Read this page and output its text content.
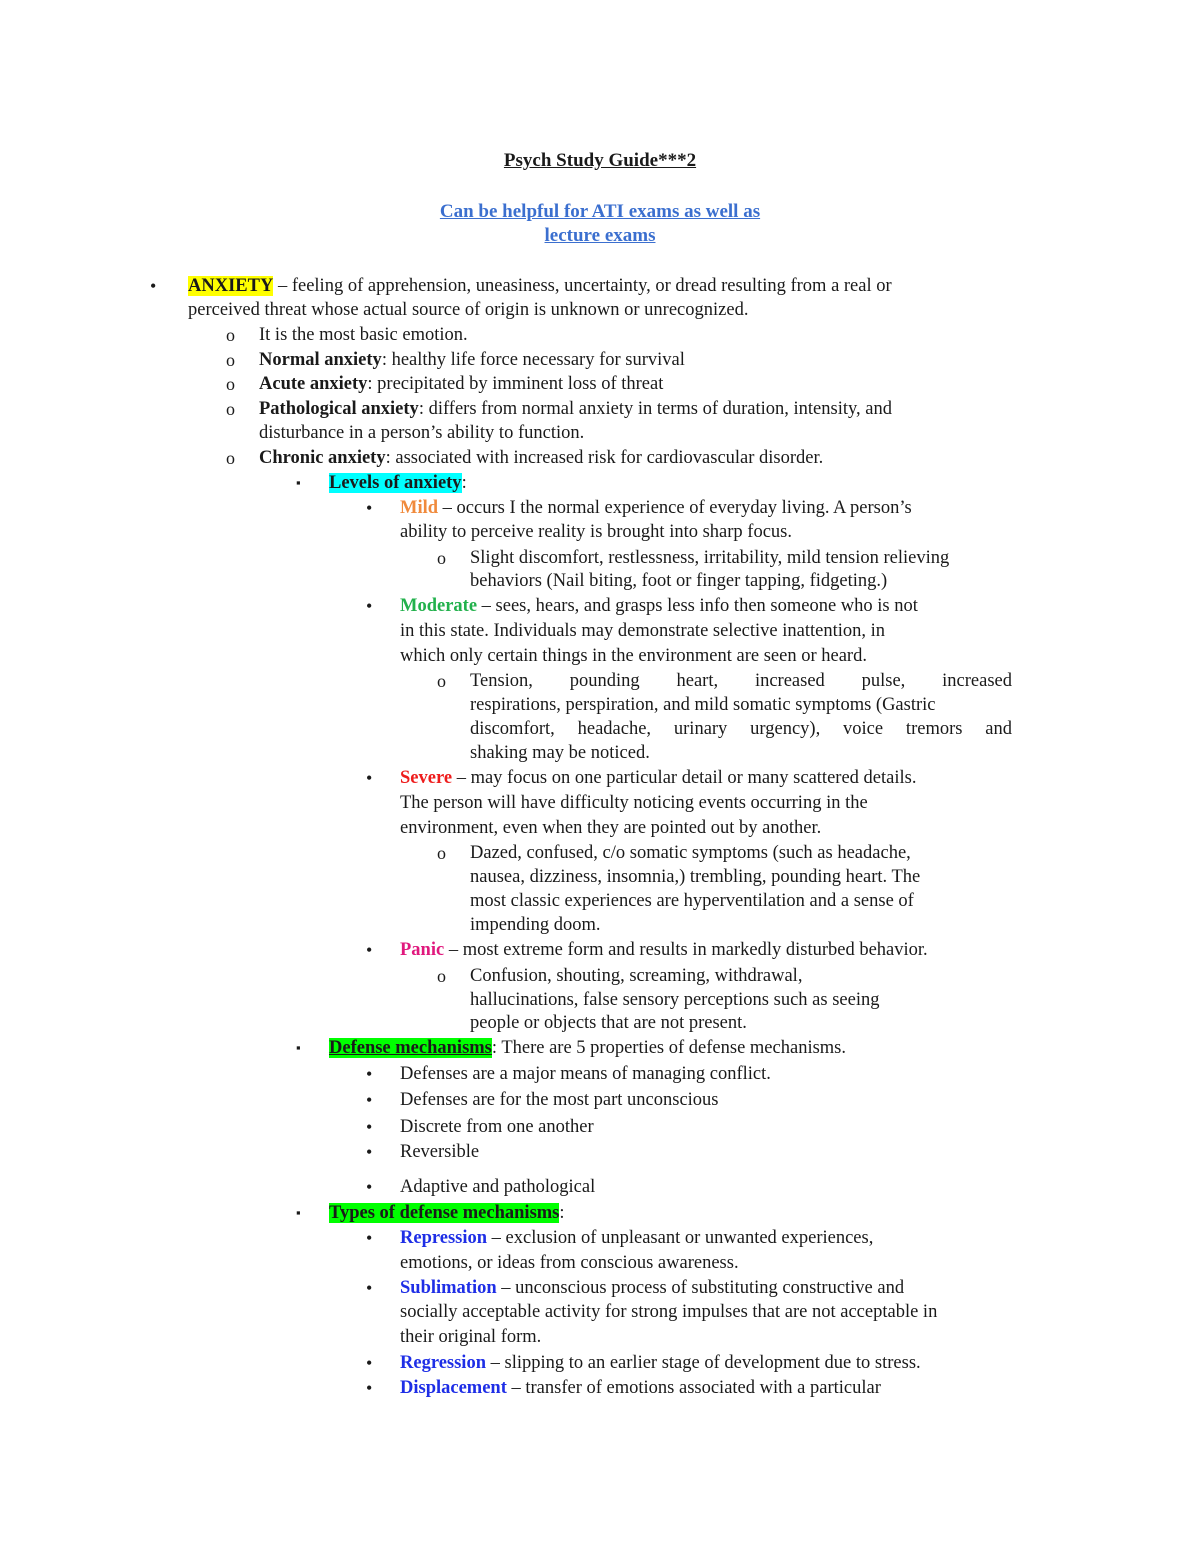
Psych Study Guide***2
Can be helpful for ATI exams as well as
lecture exams
• ANXIETY – feeling of apprehension, uneasiness, uncertainty, or dread resulting from a real or
perceived threat whose actual source of origin is unknown or unrecognized.
o It is the most basic emotion.
o Normal anxiety: healthy life force necessary for survival
o Acute anxiety: precipitated by imminent loss of threat
o Pathological anxiety: differs from normal anxiety in terms of duration, intensity, and
disturbance in a person’s ability to function.
o Chronic anxiety: associated with increased risk for cardiovascular disorder.
▪ Levels of anxiety:
• Mild – occurs I the normal experience of everyday living. A person’s
ability to perceive reality is brought into sharp focus.
o Slight discomfort, restlessness, irritability, mild tension relieving
behaviors (Nail biting, foot or finger tapping, fidgeting.)
• Moderate – sees, hears, and grasps less info then someone who is not
in this state. Individuals may demonstrate selective inattention, in
which only certain things in the environment are seen or heard.
o Tension, pounding heart, increased pulse, increased
respirations, perspiration, and mild somatic symptoms (Gastric
discomfort, headache, urinary urgency), voice tremors and
shaking may be noticed.
• Severe – may focus on one particular detail or many scattered details.
The person will have difficulty noticing events occurring in the
environment, even when they are pointed out by another.
o Dazed, confused, c/o somatic symptoms (such as headache,
nausea, dizziness, insomnia,) trembling, pounding heart. The
most classic experiences are hyperventilation and a sense of
impending doom.
• Panic – most extreme form and results in markedly disturbed behavior.
o Confusion, shouting, screaming, withdrawal,
hallucinations, false sensory perceptions such as seeing
people or objects that are not present.
▪ Defense mechanisms: There are 5 properties of defense mechanisms.
• Defenses are a major means of managing conflict.
• Defenses are for the most part unconscious
• Discrete from one another
• Reversible
• Adaptive and pathological
▪ Types of defense mechanisms:
• Repression – exclusion of unpleasant or unwanted experiences,
emotions, or ideas from conscious awareness.
• Sublimation – unconscious process of substituting constructive and
socially acceptable activity for strong impulses that are not acceptable in
their original form.
• Regression – slipping to an earlier stage of development due to stress.
• Displacement – transfer of emotions associated with a particular
